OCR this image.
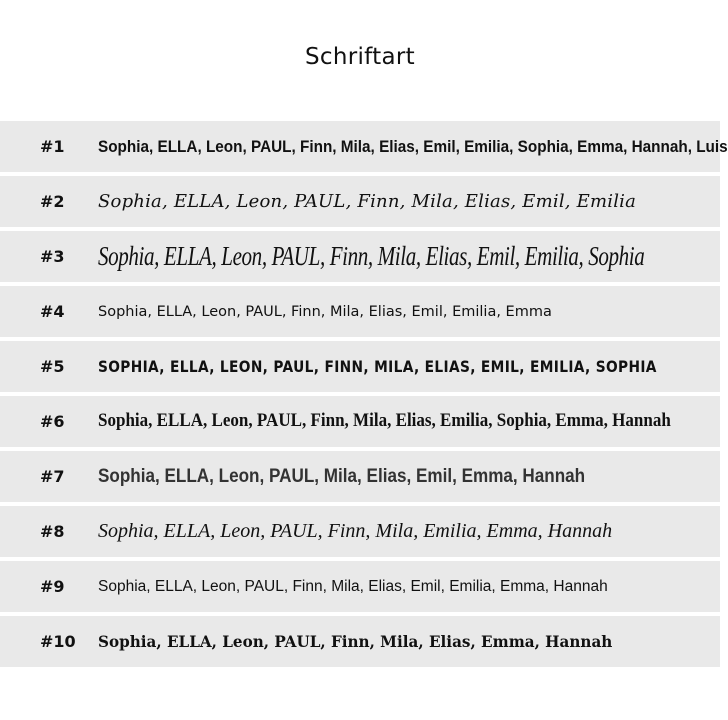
Schriftart
#1	Sophia, ELLA, Leon, PAUL, Finn, Mila, Elias, Emil, Emilia, Sophia, Emma, Hannah, Luis
#2	Sophia, ELLA, Leon, PAUL, Finn, Mila, Elias, Emil, Emilia
#3	Sophia, ELLA, Leon, PAUL, Finn, Mila, Elias, Emil, Emilia, Sophia
#4	Sophia, ELLA, Leon, PAUL, Finn, Mila, Elias, Emil, Emilia, Emma
#5	SOPHIA, ELLA, LEON, PAUL, FINN, MILA, ELIAS, EMIL, EMILIA, SOPHIA
#6	Sophia, ELLA, Leon, PAUL, Finn, Mila, Elias, Emilia, Sophia, Emma, Hannah
#7	Sophia, ELLA, Leon, PAUL, Mila, Elias, Emil, Emma, Hannah
#8	Sophia, ELLA, Leon, PAUL, Finn, Mila, Emilia, Emma, Hannah
#9	Sophia, ELLA, Leon, PAUL, Finn, Mila, Elias, Emil, Emilia, Emma, Hannah
#10 Sophia, ELLA, Leon, PAUL, Finn, Mila, Elias, Emma, Hannah
